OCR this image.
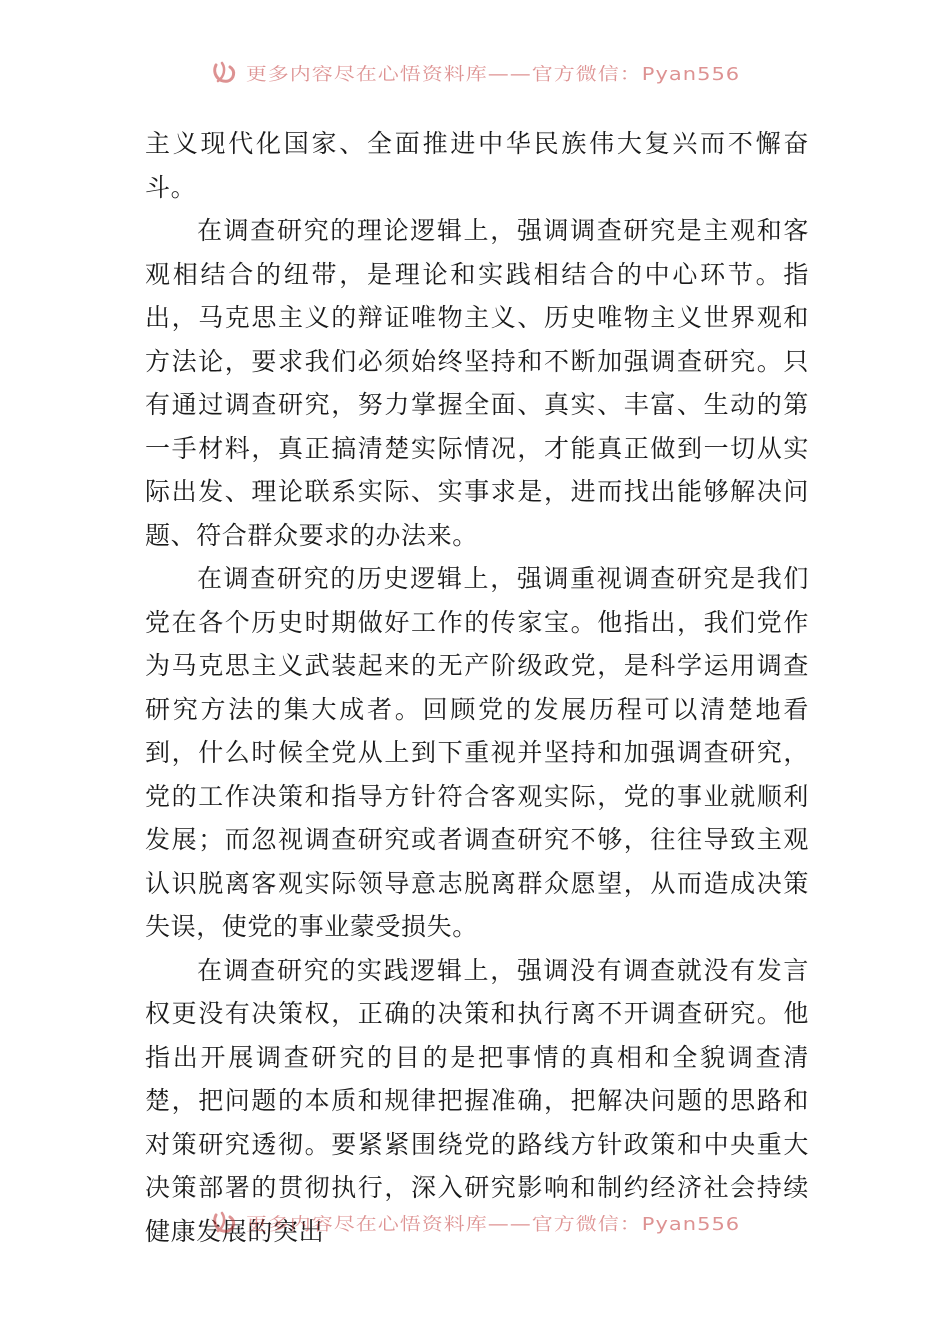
更多内容尽在心悟资料库——官方微信：Pyan556

主义现代化国家、全面推进中华民族伟大复兴而不懈奋斗。

在调查研究的理论逻辑上，强调调查研究是主观和客观相结合的纽带，是理论和实践相结合的中心环节。指出，马克思主义的辩证唯物主义、历史唯物主义世界观和方法论，要求我们必须始终坚持和不断加强调查研究。只有通过调查研究，努力掌握全面、真实、丰富、生动的第一手材料，真正搞清楚实际情况，才能真正做到一切从实际出发、理论联系实际、实事求是，进而找出能够解决问题、符合群众要求的办法来。

在调查研究的历史逻辑上，强调重视调查研究是我们党在各个历史时期做好工作的传家宝。他指出，我们党作为马克思主义武装起来的无产阶级政党，是科学运用调查研究方法的集大成者。回顾党的发展历程可以清楚地看到，什么时候全党从上到下重视并坚持和加强调查研究，党的工作决策和指导方针符合客观实际，党的事业就顺利发展；而忽视调查研究或者调查研究不够，往往导致主观认识脱离客观实际领导意志脱离群众愿望，从而造成决策失误，使党的事业蒙受损失。

在调查研究的实践逻辑上，强调没有调查就没有发言权更没有决策权，正确的决策和执行离不开调查研究。他指出开展调查研究的目的是把事情的真相和全貌调查清楚，把问题的本质和规律把握准确，把解决问题的思路和对策研究透彻。要紧紧围绕党的路线方针政策和中央重大决策部署的贯彻执行，深入研究影响和制约经济社会持续健康发展的突出

更多内容尽在心悟资料库——官方微信：Pyan556
